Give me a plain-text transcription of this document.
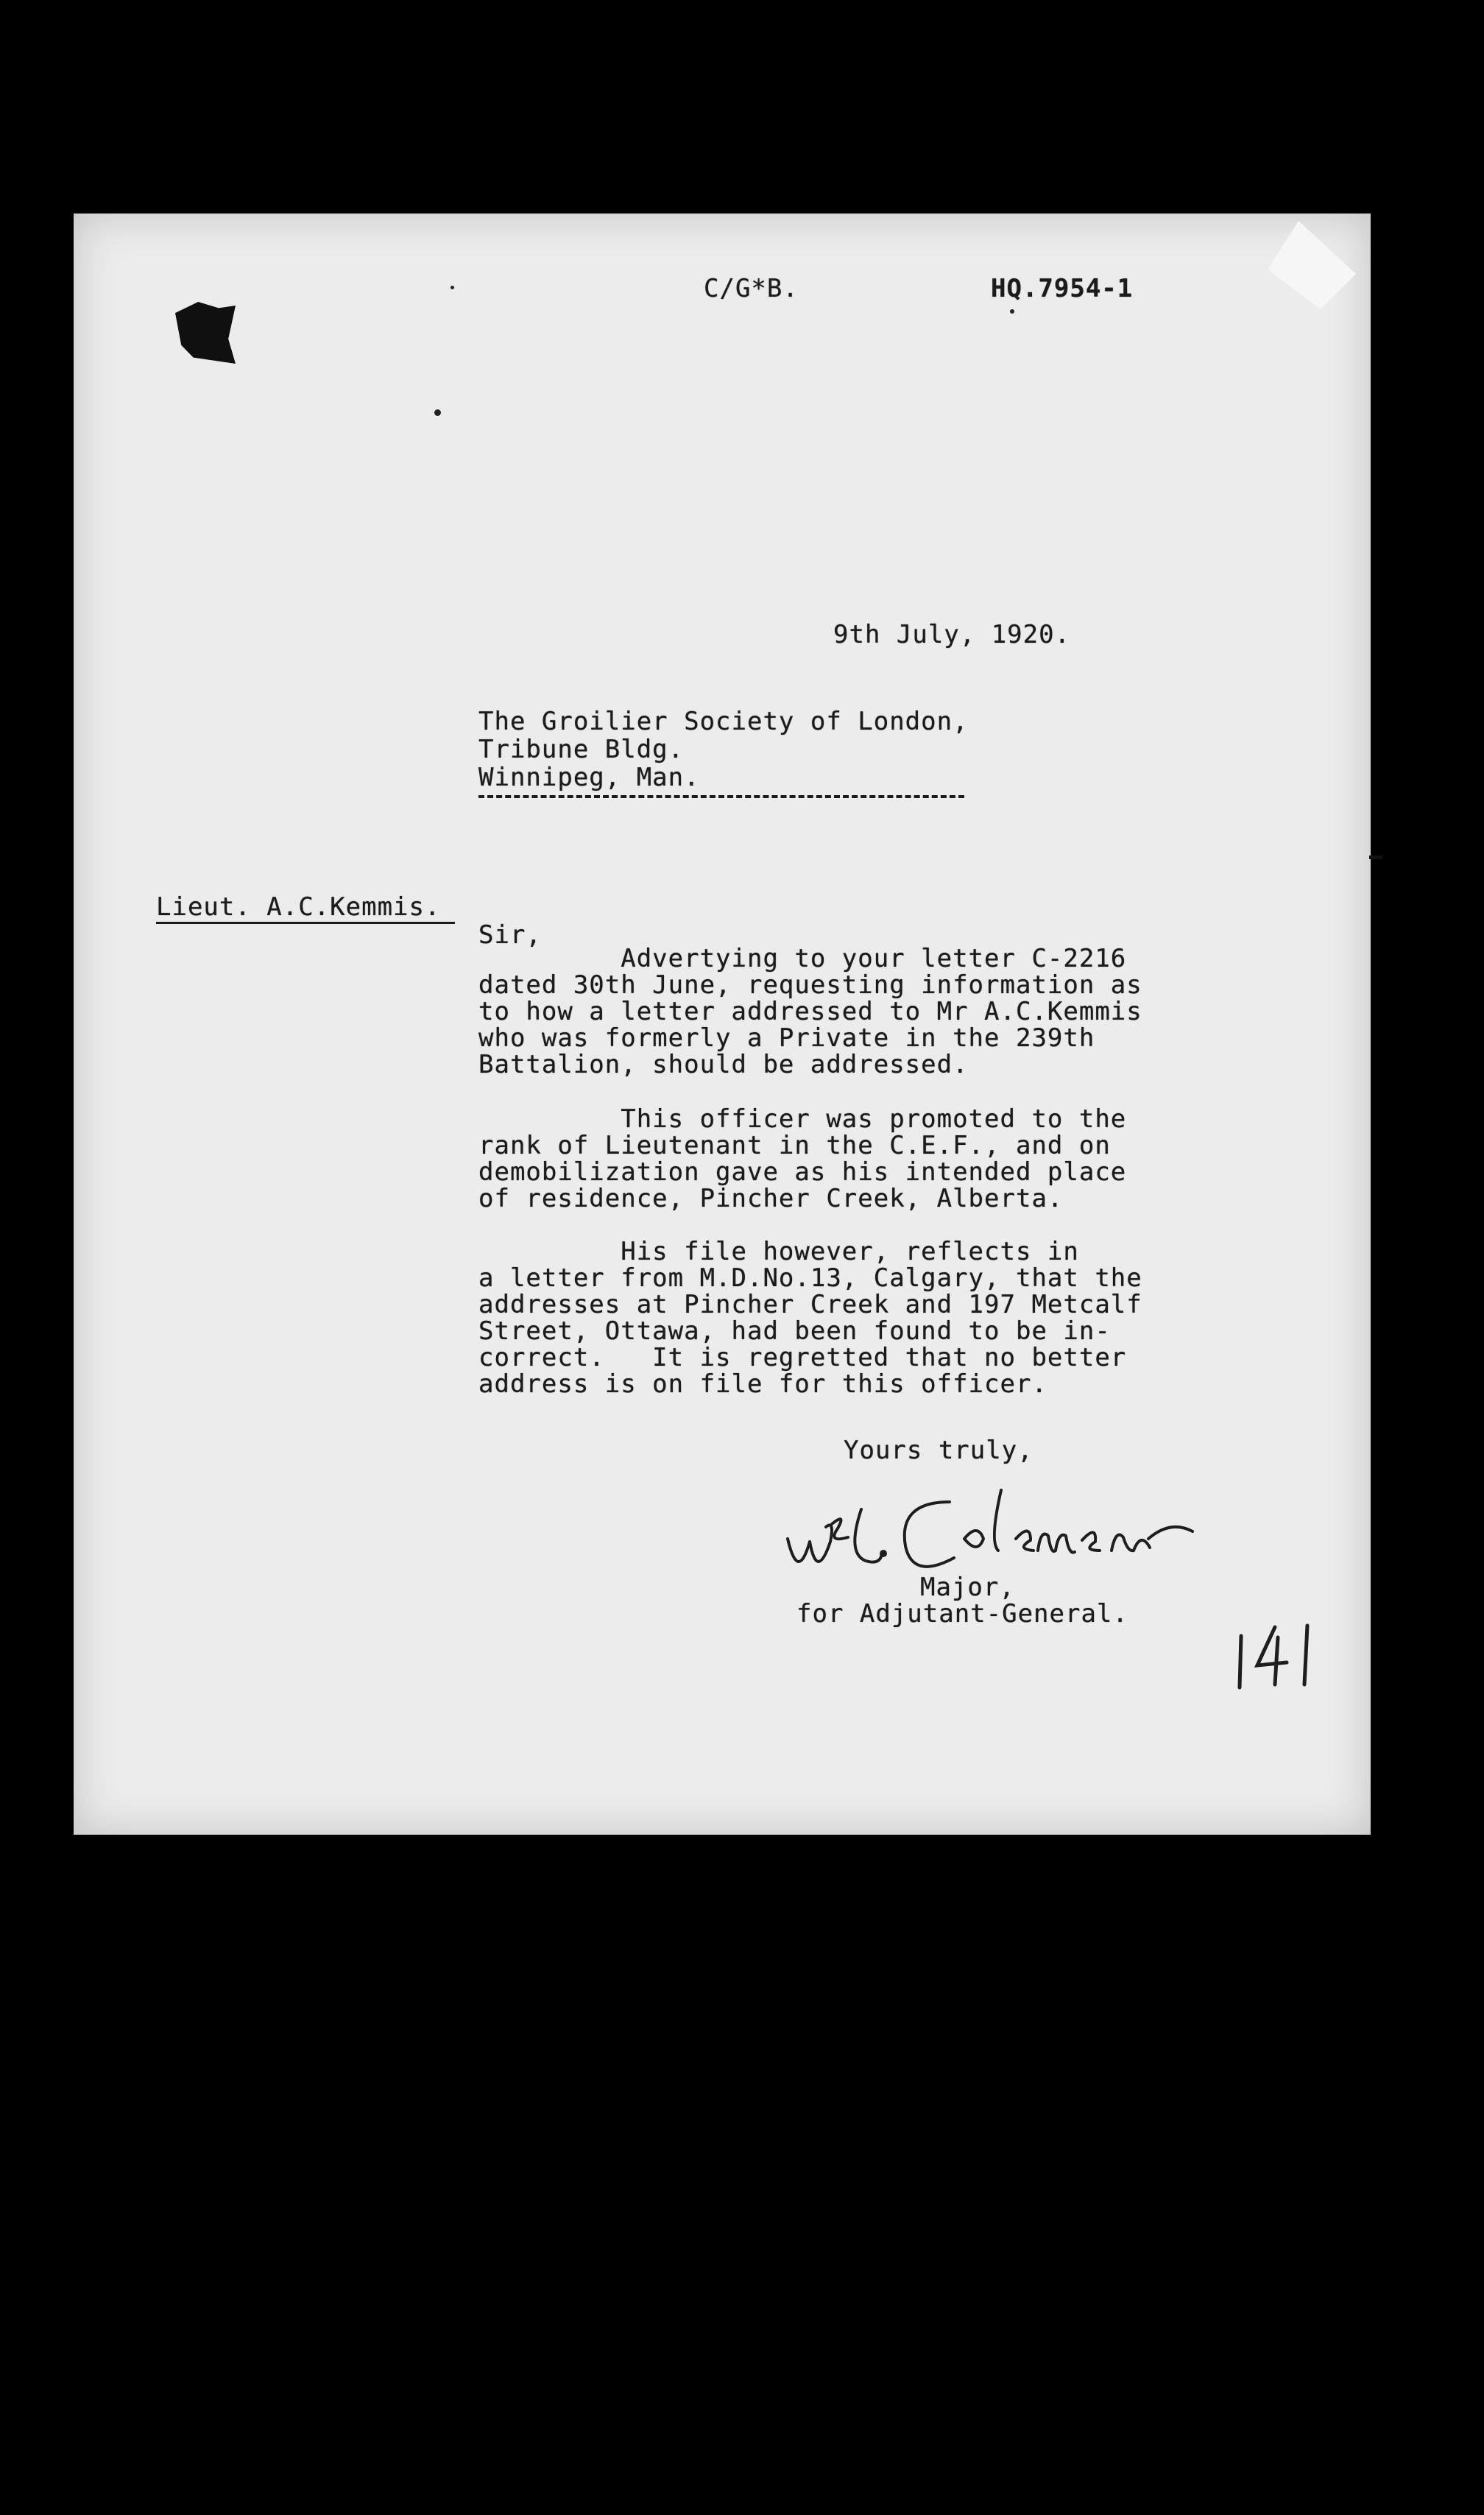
C/G*B.	HQ.7954-1
9th July, 1920.
The Groilier Society of London,
Tribune Bldg.
Winnipeg, Man.
Lieut. A.C.Kemmis.
Sir,
Advertying to your letter C-2216
dated 30th June, requesting information as
to how a letter addressed to Mr A.C.Kemmis
who was formerly a Private in the 239th
Battalion, should be addressed.
This officer was promoted to the
rank of Lieutenant in the C.E.F., and on
demobilization gave as his intended place
of residence, Pincher Creek, Alberta.
His file however, reflects in
a letter from M.D.No.13, Calgary, that the
addresses at Pincher Creek and 197 Metcalf
Street, Ottawa, had been found to be in-
correct.   It is regretted that no better
address is on file for this officer.
Yours truly,
Major,
for Adjutant-General.
